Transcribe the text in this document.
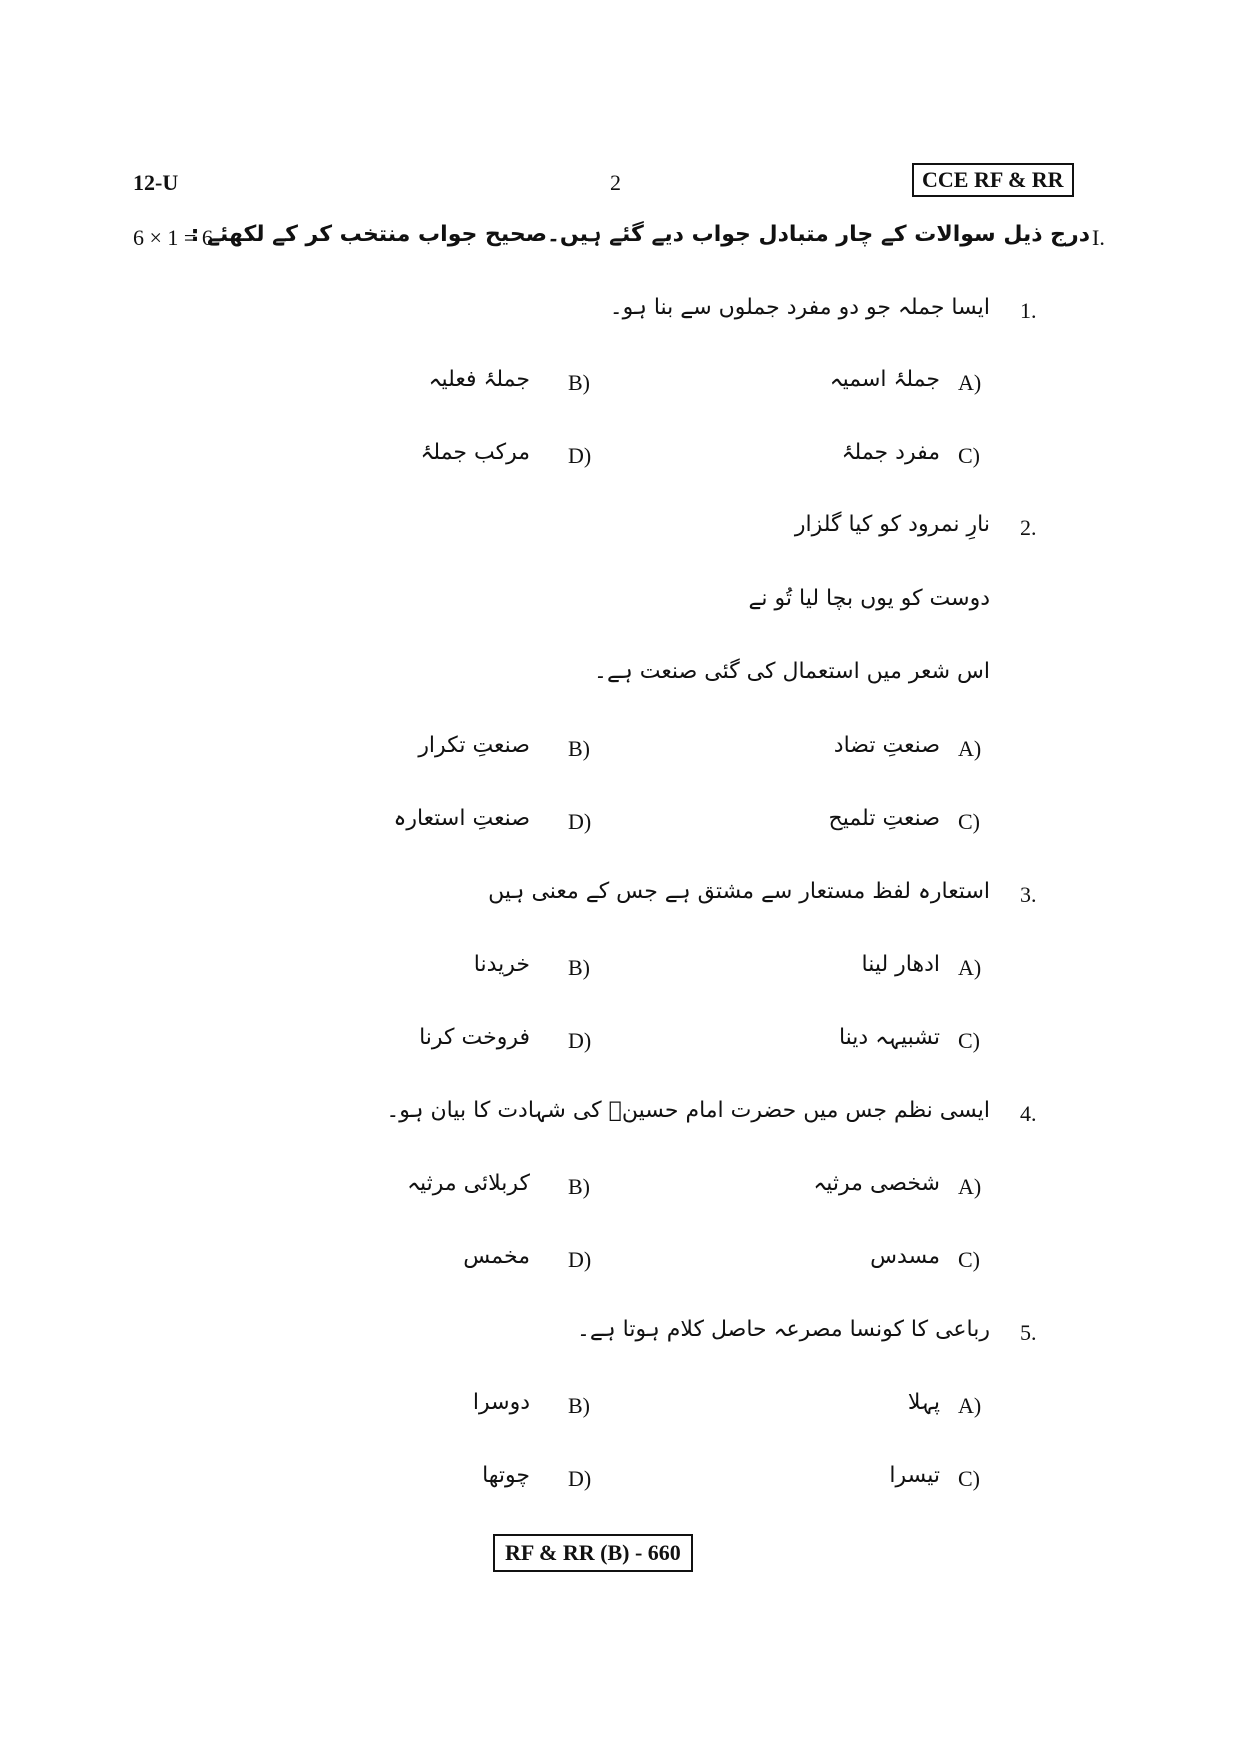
12-U	2	CCE RF & RR
6 × 1 = 6
درج ذیل سوالات کے چار متبادل جواب دیے گئے ہیں۔صحیح جواب منتخب کر کے لکھئے : I.
1.
ایسا جملہ جو دو مفرد جملوں سے بنا ہو۔
A)
جملۂ اسمیہ
B)
جملۂ فعلیہ
C)
مفرد جملۂ
D)
مرکب جملۂ
2.
نارِ نمرود کو کیا گلزار
دوست کو یوں بچا لیا تُو نے
اس شعر میں استعمال کی گئی صنعت ہے۔
A)
صنعتِ تضاد
B)
صنعتِ تکرار
C)
صنعتِ تلمیح
D)
صنعتِ استعارہ
3.
استعارہ لفظ مستعار سے مشتق ہے جس کے معنی ہیں
A)
ادھار لینا
B)
خریدنا
C)
تشبیہہ دینا
D)
فروخت کرنا
4.
ایسی نظم جس میں حضرت امام حسینؓ کی شہادت کا بیان ہو۔
A)
شخصی مرثیہ
B)
کربلائی مرثیہ
C)
مسدس
D)
مخمس
5.
رباعی کا کونسا مصرعہ حاصل کلام ہوتا ہے۔
A)
پہلا
B)
دوسرا
C)
تیسرا
D)
چوتھا
RF & RR (B) - 660
